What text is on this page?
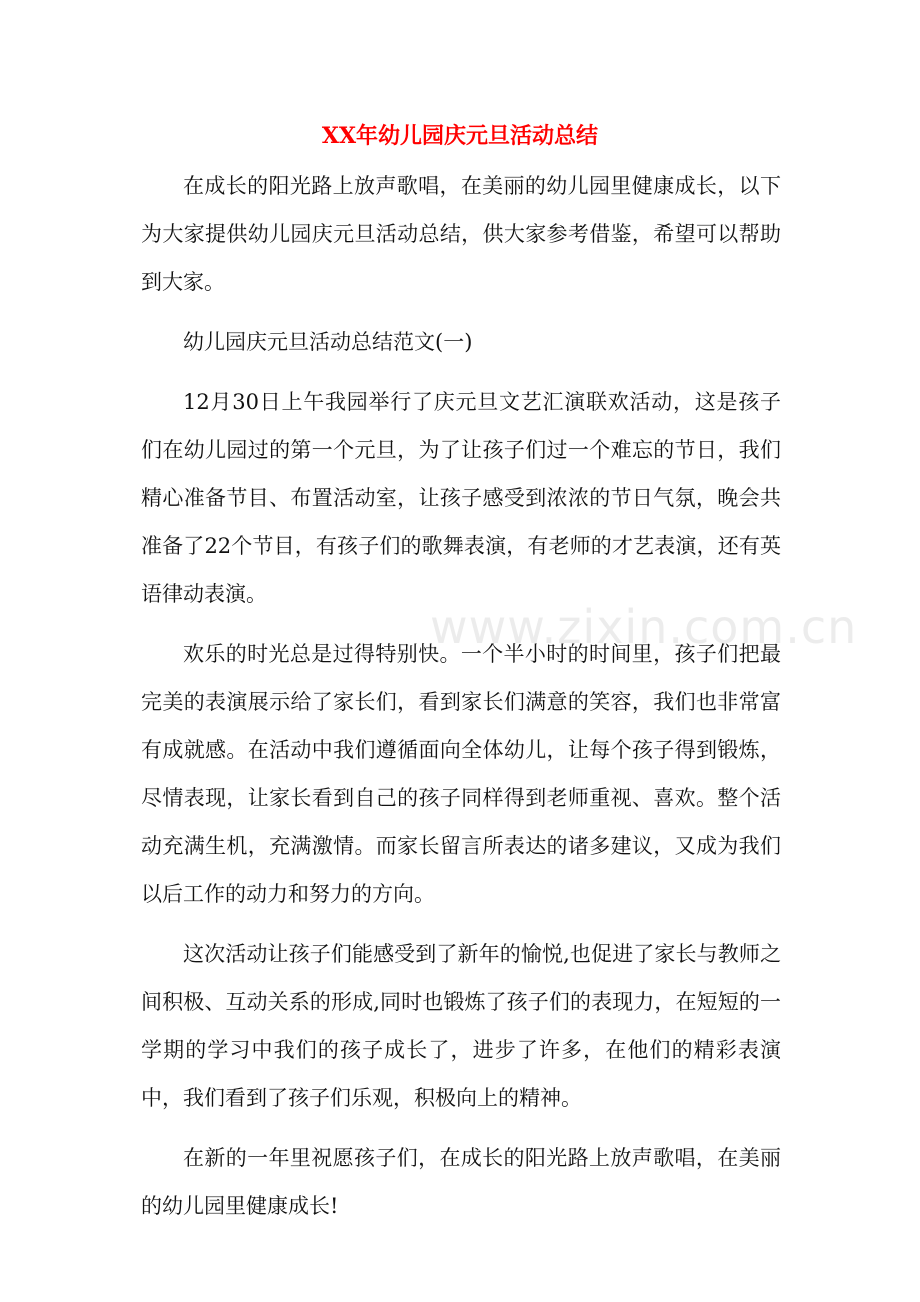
XX年幼儿园庆元旦活动总结

在成长的阳光路上放声歌唱，在美丽的幼儿园里健康成长，以下为大家提供幼儿园庆元旦活动总结，供大家参考借鉴，希望可以帮助到大家。

幼儿园庆元旦活动总结范文(一)

12月30日上午我园举行了庆元旦文艺汇演联欢活动，这是孩子们在幼儿园过的第一个元旦，为了让孩子们过一个难忘的节日，我们精心准备节目、布置活动室，让孩子感受到浓浓的节日气氛，晚会共准备了22个节目，有孩子们的歌舞表演，有老师的才艺表演，还有英语律动表演。

欢乐的时光总是过得特别快。一个半小时的时间里，孩子们把最完美的表演展示给了家长们，看到家长们满意的笑容，我们也非常富有成就感。在活动中我们遵循面向全体幼儿，让每个孩子得到锻炼，尽情表现，让家长看到自己的孩子同样得到老师重视、喜欢。整个活动充满生机，充满激情。而家长留言所表达的诸多建议，又成为我们以后工作的动力和努力的方向。

这次活动让孩子们能感受到了新年的愉悦,也促进了家长与教师之间积极、互动关系的形成,同时也锻炼了孩子们的表现力，在短短的一学期的学习中我们的孩子成长了，进步了许多，在他们的精彩表演中，我们看到了孩子们乐观，积极向上的精神。

在新的一年里祝愿孩子们，在成长的阳光路上放声歌唱，在美丽的幼儿园里健康成长!

www.zixin.com.cn
